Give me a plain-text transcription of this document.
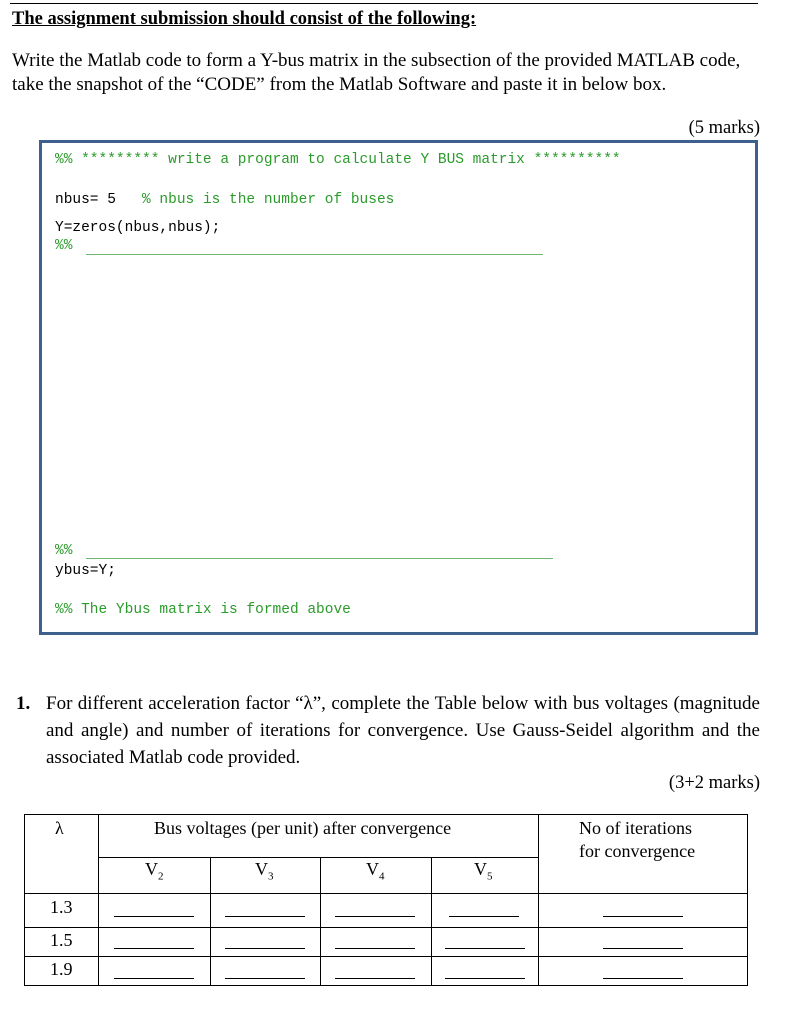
The assignment submission should consist of the following:
Write the Matlab code to form a Y-bus matrix in the subsection of the provided MATLAB code, take the snapshot of the “CODE” from the Matlab Software and paste it in below box.
(5 marks)
%% ********* write a program to calculate Y BUS matrix **********
nbus= 5   % nbus is the number of buses
Y=zeros(nbus,nbus);
%%
%%
ybus=Y;
%% The Ybus matrix is formed above
1. For different acceleration factor “λ”, complete the Table below with bus voltages (magnitude and angle) and number of iterations for convergence. Use Gauss-Seidel algorithm and the associated Matlab code provided.
(3+2 marks)
λ	Bus voltages (per unit) after convergence	No of iterations
for convergence
$V_2$	$V_3$	$V_4$	$V_5$
1.3
1.5
1.9
